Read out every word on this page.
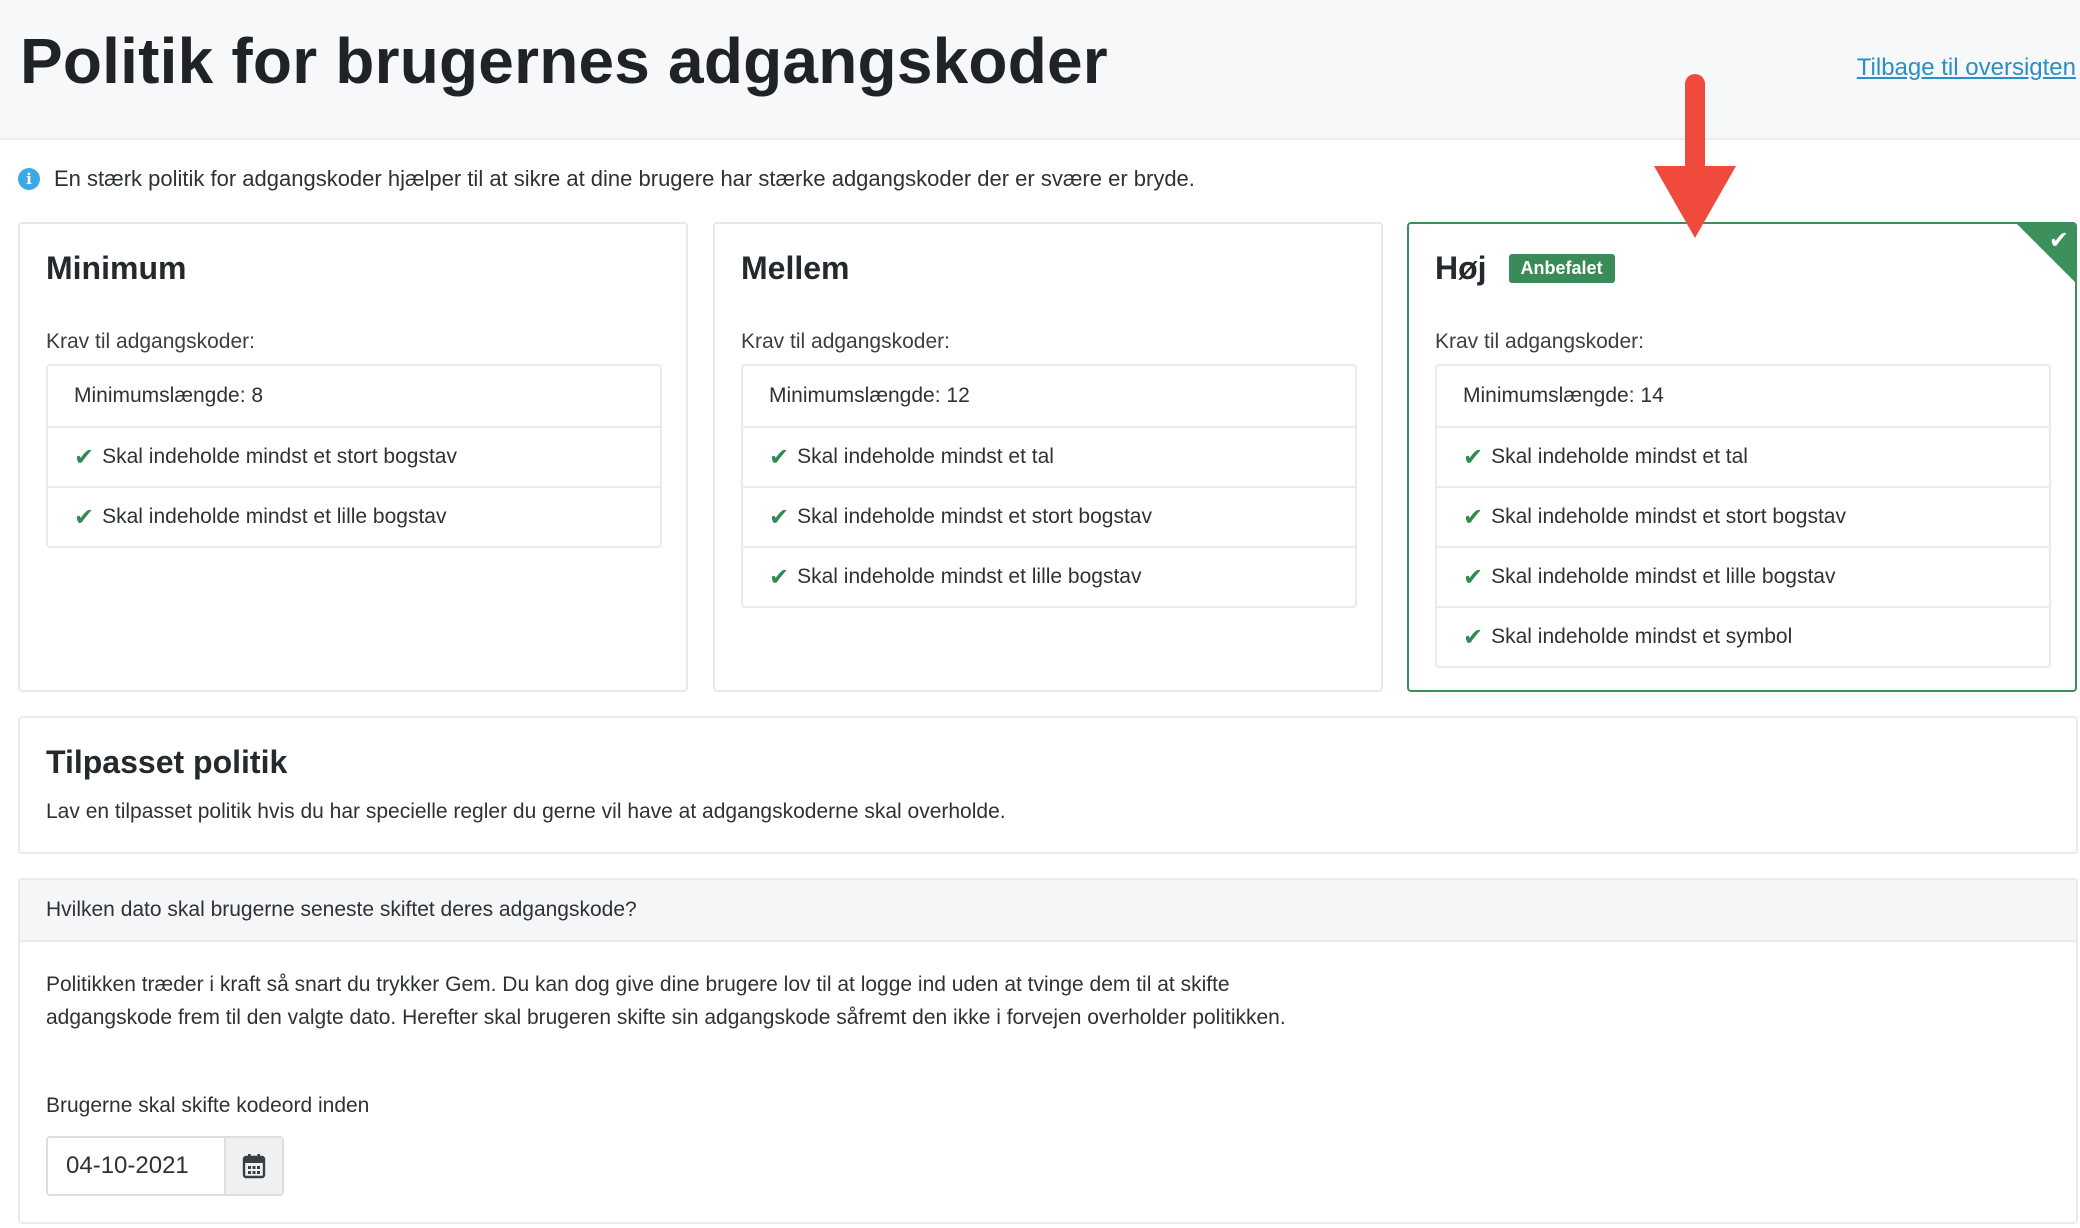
Politik for brugernes adgangskoder	Tilbage til oversigten
i	En stærk politik for adgangskoder hjælper til at sikre at dine brugere har stærke adgangskoder der er svære er bryde.
Minimum
Krav til adgangskoder:
Minimumslængde: 8
✔ Skal indeholde mindst et stort bogstav
✔ Skal indeholde mindst et lille bogstav
Mellem
Krav til adgangskoder:
Minimumslængde: 12
✔ Skal indeholde mindst et tal
✔ Skal indeholde mindst et stort bogstav
✔ Skal indeholde mindst et lille bogstav
✔
Høj	Anbefalet
Krav til adgangskoder:
Minimumslængde: 14
✔ Skal indeholde mindst et tal
✔ Skal indeholde mindst et stort bogstav
✔ Skal indeholde mindst et lille bogstav
✔ Skal indeholde mindst et symbol
Tilpasset politik
Lav en tilpasset politik hvis du har specielle regler du gerne vil have at adgangskoderne skal overholde.
Hvilken dato skal brugerne seneste skiftet deres adgangskode?
Politikken træder i kraft så snart du trykker Gem. Du kan dog give dine brugere lov til at logge ind uden at tvinge dem til at skifte adgangskode frem til den valgte dato. Herefter skal brugeren skifte sin adgangskode såfremt den ikke i forvejen overholder politikken.
Brugerne skal skifte kodeord inden
04-10-2021
